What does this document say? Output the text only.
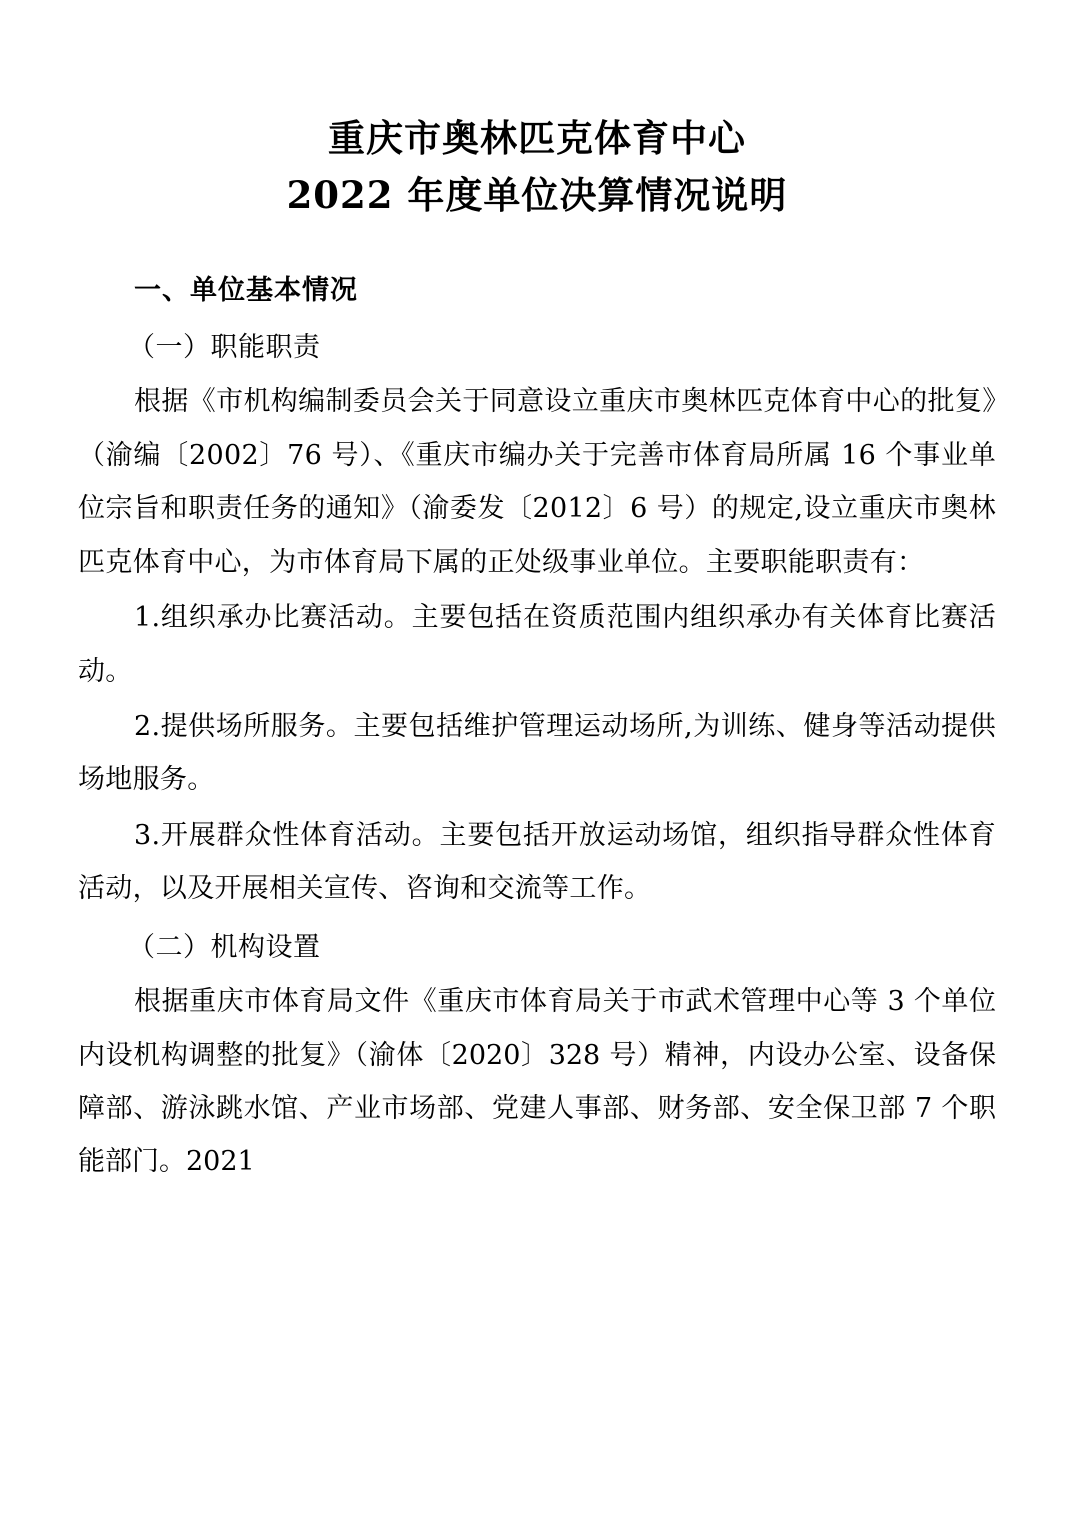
重庆市奥林匹克体育中心
2022 年度单位决算情况说明
一、单位基本情况
（一）职能职责

根据《市机构编制委员会关于同意设立重庆市奥林匹克体育中心的批复》（渝编〔2002〕76 号）、《重庆市编办关于完善市体育局所属 16 个事业单位宗旨和职责任务的通知》（渝委发〔2012〕6 号）的规定,设立重庆市奥林匹克体育中心，为市体育局下属的正处级事业单位。主要职能职责有：

1.组织承办比赛活动。主要包括在资质范围内组织承办有关体育比赛活动。

2.提供场所服务。主要包括维护管理运动场所,为训练、健身等活动提供场地服务。

3.开展群众性体育活动。主要包括开放运动场馆，组织指导群众性体育活动，以及开展相关宣传、咨询和交流等工作。

（二）机构设置

根据重庆市体育局文件《重庆市体育局关于市武术管理中心等 3 个单位内设机构调整的批复》（渝体〔2020〕328 号）精神，内设办公室、设备保障部、游泳跳水馆、产业市场部、党建人事部、财务部、安全保卫部 7 个职能部门。2021
